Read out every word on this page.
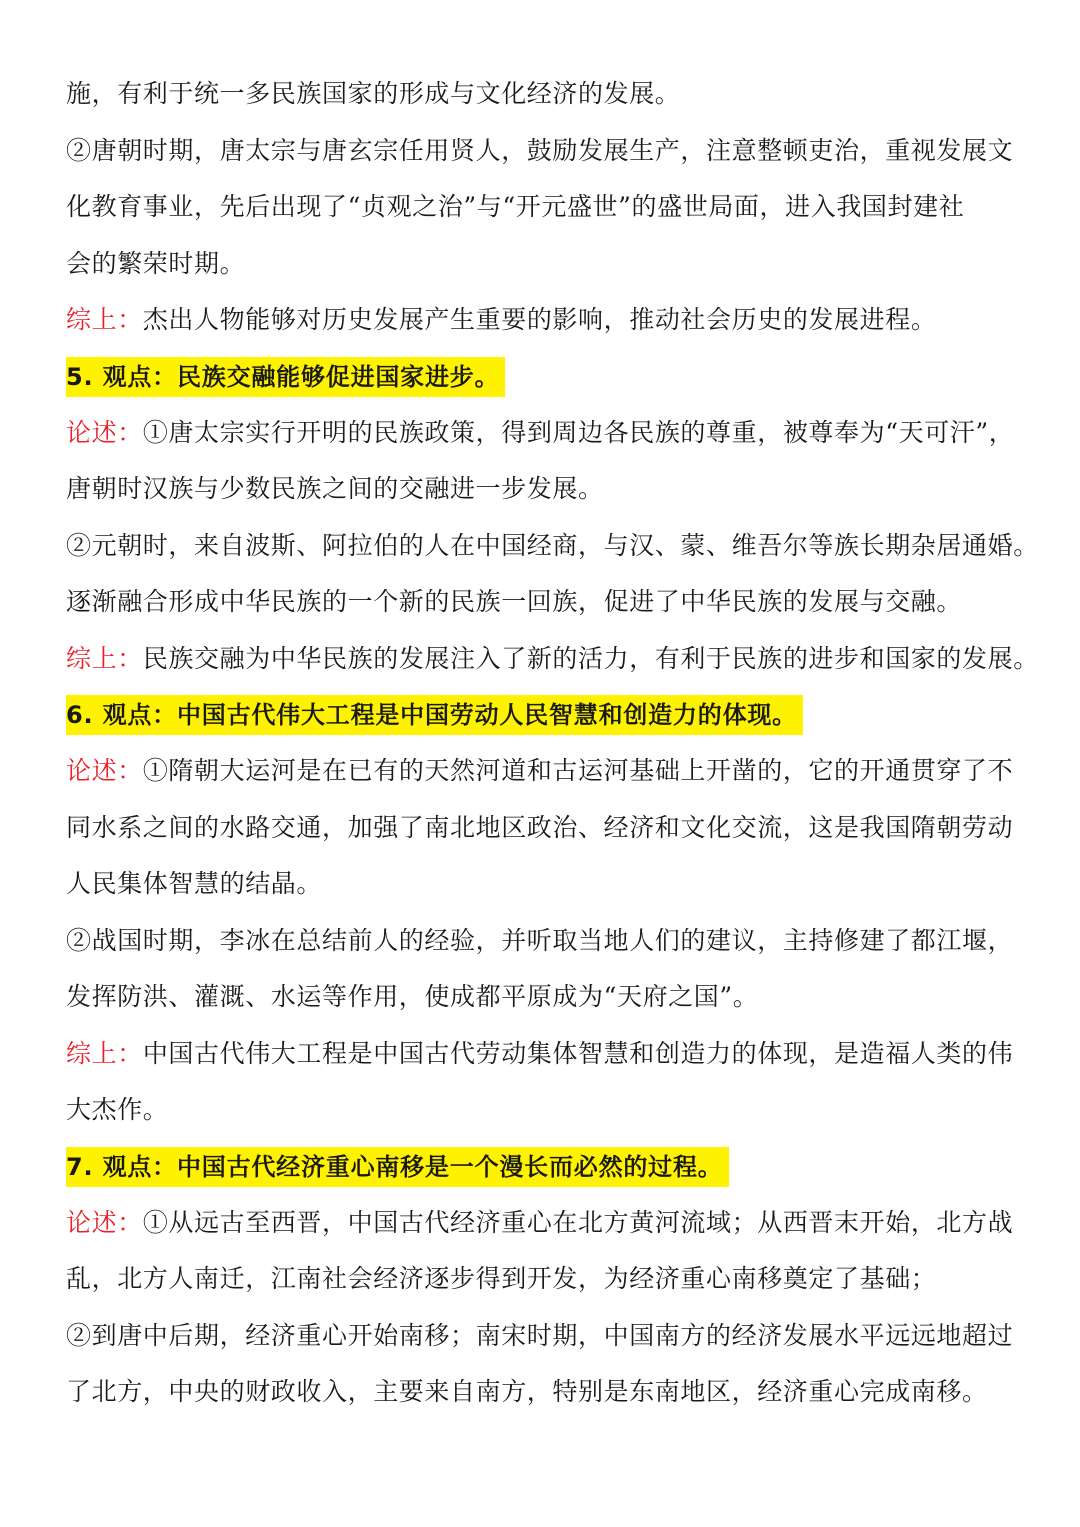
施，有利于统一多民族国家的形成与文化经济的发展。
②唐朝时期，唐太宗与唐玄宗任用贤人，鼓励发展生产，注意整顿吏治，重视发展文
化教育事业，先后出现了“贞观之治”与“开元盛世”的盛世局面，进入我国封建社
会的繁荣时期。
综上：杰出人物能够对历史发展产生重要的影响，推动社会历史的发展进程。
5. 观点：民族交融能够促进国家进步。
论述：①唐太宗实行开明的民族政策，得到周边各民族的尊重，被尊奉为“天可汗”，
唐朝时汉族与少数民族之间的交融进一步发展。
②元朝时，来自波斯、阿拉伯的人在中国经商，与汉、蒙、维吾尔等族长期杂居通婚。
逐渐融合形成中华民族的一个新的民族一回族，促进了中华民族的发展与交融。
综上：民族交融为中华民族的发展注入了新的活力，有利于民族的进步和国家的发展。
6. 观点：中国古代伟大工程是中国劳动人民智慧和创造力的体现。
论述：①隋朝大运河是在已有的天然河道和古运河基础上开凿的，它的开通贯穿了不
同水系之间的水路交通，加强了南北地区政治、经济和文化交流，这是我国隋朝劳动
人民集体智慧的结晶。
②战国时期，李冰在总结前人的经验，并听取当地人们的建议，主持修建了都江堰，
发挥防洪、灌溉、水运等作用，使成都平原成为“天府之国”。
综上：中国古代伟大工程是中国古代劳动集体智慧和创造力的体现，是造福人类的伟
大杰作。
7. 观点：中国古代经济重心南移是一个漫长而必然的过程。
论述：①从远古至西晋，中国古代经济重心在北方黄河流域；从西晋末开始，北方战
乱，北方人南迁，江南社会经济逐步得到开发，为经济重心南移奠定了基础；
②到唐中后期，经济重心开始南移；南宋时期，中国南方的经济发展水平远远地超过
了北方，中央的财政收入，主要来自南方，特别是东南地区，经济重心完成南移。
